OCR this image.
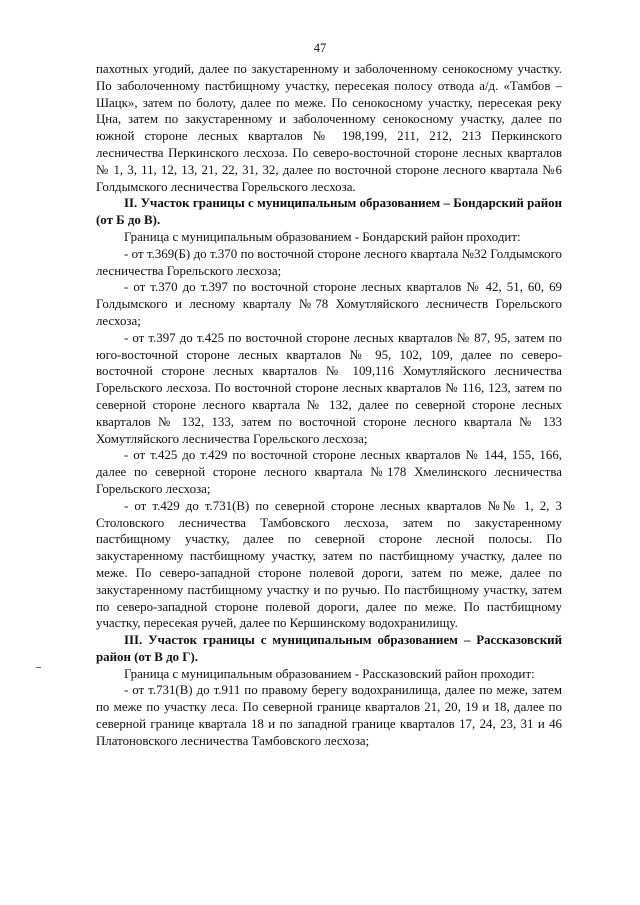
47

пахотных угодий, далее по закустаренному и заболоченному сенокосному участку. По заболоченному пастбищному участку, пересекая полосу отвода а/д. «Тамбов – Шацк», затем по болоту, далее по меже. По сенокосному участку, пересекая реку Цна, затем по закустаренному и заболоченному сенокосному участку, далее по южной стороне лесных кварталов № 198,199, 211, 212, 213 Перкинского лесничества Перкинского лесхоза. По северо-восточной стороне лесных кварталов № 1, 3, 11, 12, 13, 21, 22, 31, 32, далее по восточной стороне лесного квартала №6 Голдымского лесничества Горельского лесхоза.

II. Участок границы с муниципальным образованием – Бондарский район (от Б до В).

Граница с муниципальным образованием - Бондарский район проходит:

- от т.369(Б) до т.370 по восточной стороне лесного квартала №32 Голдымского лесничества Горельского лесхоза;

- от т.370 до т.397 по восточной стороне лесных кварталов № 42, 51, 60, 69 Голдымского и лесному кварталу №78 Хомутляйского лесничеств Горельского лесхоза;

- от т.397 до т.425 по восточной стороне лесных кварталов № 87, 95, затем по юго-восточной стороне лесных кварталов № 95, 102, 109, далее по северо-восточной стороне лесных кварталов № 109,116 Хомутляйского лесничества Горельского лесхоза. По восточной стороне лесных кварталов № 116, 123, затем по северной стороне лесного квартала № 132, далее по северной стороне лесных кварталов № 132, 133, затем по восточной стороне лесного квартала № 133 Хомутляйского лесничества Горельского лесхоза;

- от т.425 до т.429 по восточной стороне лесных кварталов № 144, 155, 166, далее по северной стороне лесного квартала №178 Хмелинского лесничества Горельского лесхоза;

- от т.429 до т.731(В) по северной стороне лесных кварталов №№ 1, 2, 3 Столовского лесничества Тамбовского лесхоза, затем по закустаренному пастбищному участку, далее по северной стороне лесной полосы. По закустаренному пастбищному участку, затем по пастбищному участку, далее по меже. По северо-западной стороне полевой дороги, затем по меже, далее по закустаренному пастбищному участку и по ручью. По пастбищному участку, затем по северо-западной стороне полевой дороги, далее по меже. По пастбищному участку, пересекая ручей, далее по Кершинскому водохранилищу.

III. Участок границы с муниципальным образованием – Рассказовский район (от В до Г).

Граница с муниципальным образованием - Рассказовский район проходит:

- от т.731(В) до т.911 по правому берегу водохранилища, далее по меже, затем по меже по участку леса. По северной границе кварталов 21, 20, 19 и 18, далее по северной границе квартала 18 и по западной границе кварталов 17, 24, 23, 31 и 46 Платоновского лесничества Тамбовского лесхоза;
